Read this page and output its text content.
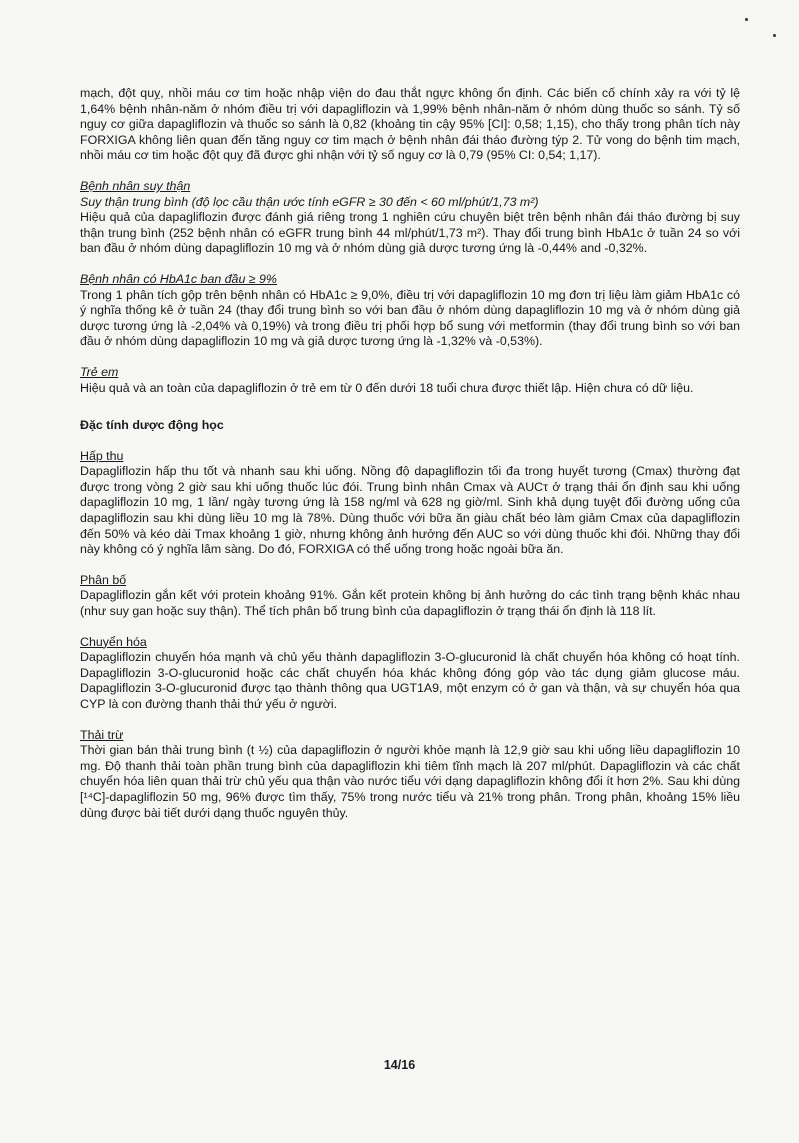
mạch, đột quỵ, nhồi máu cơ tim hoặc nhập viện do đau thắt ngực không ổn định. Các biến cố chính xảy ra với tỷ lệ 1,64% bệnh nhân-năm ở nhóm điều trị với dapagliflozin và 1,99% bệnh nhân-năm ở nhóm dùng thuốc so sánh. Tỷ số nguy cơ giữa dapagliflozin và thuốc so sánh là 0,82 (khoảng tin cậy 95% [CI]: 0,58; 1,15), cho thấy trong phân tích này FORXIGA không liên quan đến tăng nguy cơ tim mạch ở bệnh nhân đái tháo đường týp 2. Tử vong do bệnh tim mạch, nhồi máu cơ tim hoặc đột quỵ đã được ghi nhận với tỷ số nguy cơ là 0,79 (95% CI: 0,54; 1,17).

Bệnh nhân suy thận
Suy thận trung bình (độ lọc cầu thận ước tính eGFR ≥ 30 đến < 60 ml/phút/1,73 m²)

Hiệu quả của dapagliflozin được đánh giá riêng trong 1 nghiên cứu chuyên biệt trên bệnh nhân đái tháo đường bị suy thận trung bình (252 bệnh nhân có eGFR trung bình 44 ml/phút/1,73 m²). Thay đổi trung bình HbA1c ở tuần 24 so với ban đầu ở nhóm dùng dapagliflozin 10 mg và ở nhóm dùng giả dược tương ứng là -0,44% and -0,32%.

Bệnh nhân có HbA1c ban đầu ≥ 9%

Trong 1 phân tích gộp trên bệnh nhân có HbA1c ≥ 9,0%, điều trị với dapagliflozin 10 mg đơn trị liệu làm giảm HbA1c có ý nghĩa thống kê ở tuần 24 (thay đổi trung bình so với ban đầu ở nhóm dùng dapagliflozin 10 mg và ở nhóm dùng giả dược tương ứng là -2,04% và 0,19%) và trong điều trị phối hợp bổ sung với metformin (thay đổi trung bình so với ban đầu ở nhóm dùng dapagliflozin 10 mg và giả dược tương ứng là -1,32% và -0,53%).

Trẻ em

Hiệu quả và an toàn của dapagliflozin ở trẻ em từ 0 đến dưới 18 tuổi chưa được thiết lập. Hiện chưa có dữ liệu.

Đặc tính dược động học
Hấp thu

Dapagliflozin hấp thu tốt và nhanh sau khi uống. Nồng độ dapagliflozin tối đa trong huyết tương (Cmax) thường đạt được trong vòng 2 giờ sau khi uống thuốc lúc đói. Trung bình nhân Cmax và AUCτ ở trạng thái ổn định sau khi uống dapagliflozin 10 mg, 1 lần/ ngày tương ứng là 158 ng/ml và 628 ng giờ/ml. Sinh khả dụng tuyệt đối đường uống của dapagliflozin sau khi dùng liều 10 mg là 78%. Dùng thuốc với bữa ăn giàu chất béo làm giảm Cmax của dapagliflozin đến 50% và kéo dài Tmax khoảng 1 giờ, nhưng không ảnh hưởng đến AUC so với dùng thuốc khi đói. Những thay đổi này không có ý nghĩa lâm sàng. Do đó, FORXIGA có thể uống trong hoặc ngoài bữa ăn.

Phân bố

Dapagliflozin gắn kết với protein khoảng 91%. Gắn kết protein không bị ảnh hưởng do các tình trạng bệnh khác nhau (như suy gan hoặc suy thận). Thể tích phân bố trung bình của dapagliflozin ở trạng thái ổn định là 118 lít.

Chuyển hóa

Dapagliflozin chuyển hóa mạnh và chủ yếu thành dapagliflozin 3-O-glucuronid là chất chuyển hóa không có hoạt tính. Dapagliflozin 3-O-glucuronid hoặc các chất chuyển hóa khác không đóng góp vào tác dụng giảm glucose máu. Dapagliflozin 3-O-glucuronid được tạo thành thông qua UGT1A9, một enzym có ở gan và thận, và sự chuyển hóa qua CYP là con đường thanh thải thứ yếu ở người.

Thải trừ

Thời gian bán thải trung bình (t ½) của dapagliflozin ở người khỏe mạnh là 12,9 giờ sau khi uống liều dapagliflozin 10 mg. Độ thanh thải toàn phần trung bình của dapagliflozin khi tiêm tĩnh mạch là 207 ml/phút. Dapagliflozin và các chất chuyển hóa liên quan thải trừ chủ yếu qua thận vào nước tiểu với dạng dapagliflozin không đổi ít hơn 2%. Sau khi dùng [¹⁴C]-dapagliflozin 50 mg, 96% được tìm thấy, 75% trong nước tiểu và 21% trong phân. Trong phân, khoảng 15% liều dùng được bài tiết dưới dạng thuốc nguyên thủy.

14/16
